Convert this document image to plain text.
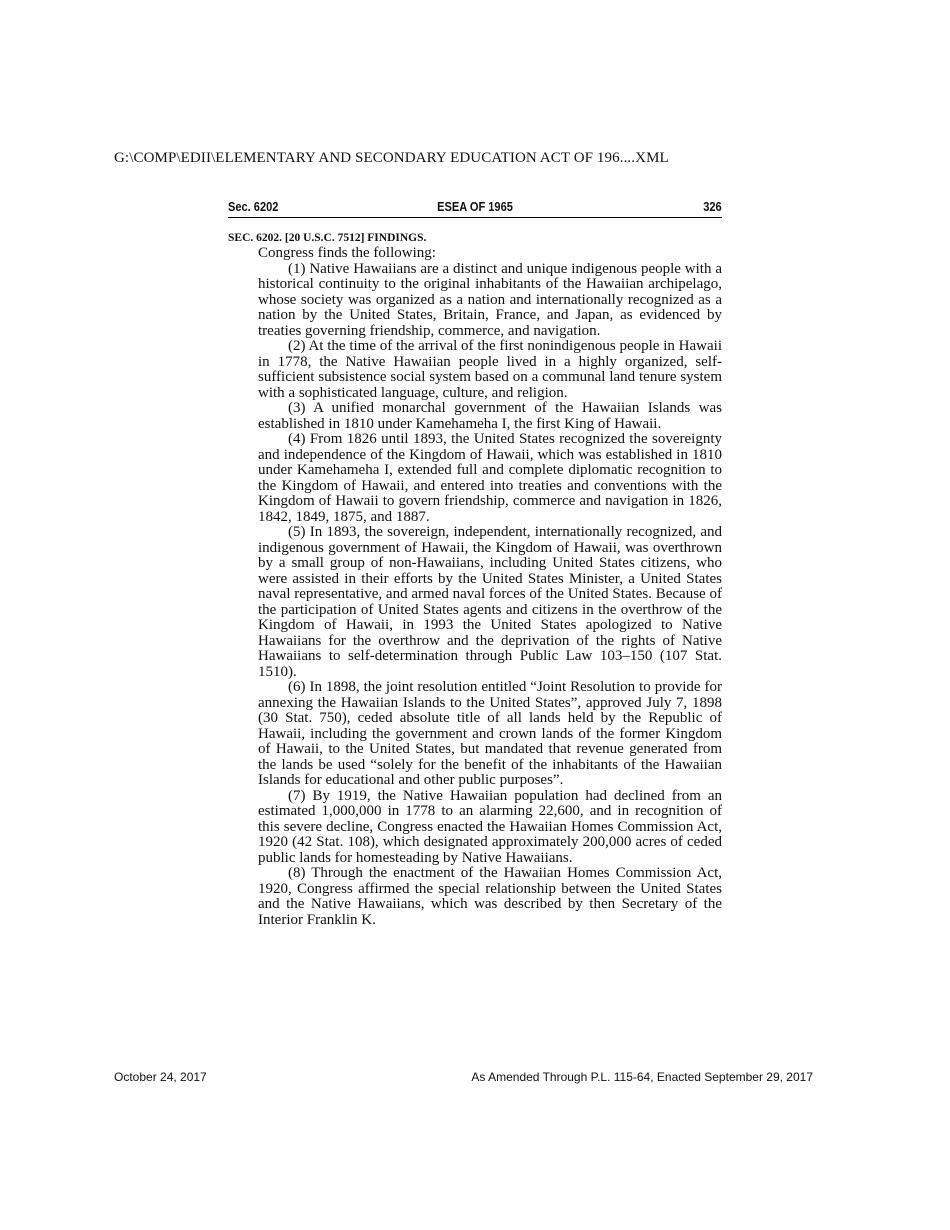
G:\COMP\EDII\ELEMENTARY AND SECONDARY EDUCATION ACT OF 196....XML
Sec. 6202	ESEA OF 1965	326

SEC. 6202. [20 U.S.C. 7512] FINDINGS.

Congress finds the following:

(1) Native Hawaiians are a distinct and unique indigenous people with a historical continuity to the original inhabitants of the Hawaiian archipelago, whose society was organized as a nation and internationally recognized as a nation by the United States, Britain, France, and Japan, as evidenced by treaties governing friendship, commerce, and navigation.

(2) At the time of the arrival of the first nonindigenous people in Hawaii in 1778, the Native Hawaiian people lived in a highly organized, self-sufficient subsistence social system based on a communal land tenure system with a sophisticated language, culture, and religion.

(3) A unified monarchal government of the Hawaiian Islands was established in 1810 under Kamehameha I, the first King of Hawaii.

(4) From 1826 until 1893, the United States recognized the sovereignty and independence of the Kingdom of Hawaii, which was established in 1810 under Kamehameha I, extended full and complete diplomatic recognition to the Kingdom of Hawaii, and entered into treaties and conventions with the Kingdom of Hawaii to govern friendship, commerce and navigation in 1826, 1842, 1849, 1875, and 1887.

(5) In 1893, the sovereign, independent, internationally recognized, and indigenous government of Hawaii, the Kingdom of Hawaii, was overthrown by a small group of non-Hawaiians, including United States citizens, who were assisted in their efforts by the United States Minister, a United States naval representative, and armed naval forces of the United States. Because of the participation of United States agents and citizens in the overthrow of the Kingdom of Hawaii, in 1993 the United States apologized to Native Hawaiians for the overthrow and the deprivation of the rights of Native Hawaiians to self-determination through Public Law 103–150 (107 Stat. 1510).

(6) In 1898, the joint resolution entitled “Joint Resolution to provide for annexing the Hawaiian Islands to the United States”, approved July 7, 1898 (30 Stat. 750), ceded absolute title of all lands held by the Republic of Hawaii, including the government and crown lands of the former Kingdom of Hawaii, to the United States, but mandated that revenue generated from the lands be used “solely for the benefit of the inhabitants of the Hawaiian Islands for educational and other public purposes”.

(7) By 1919, the Native Hawaiian population had declined from an estimated 1,000,000 in 1778 to an alarming 22,600, and in recognition of this severe decline, Congress enacted the Hawaiian Homes Commission Act, 1920 (42 Stat. 108), which designated approximately 200,000 acres of ceded public lands for homesteading by Native Hawaiians.

(8) Through the enactment of the Hawaiian Homes Commission Act, 1920, Congress affirmed the special relationship between the United States and the Native Hawaiians, which was described by then Secretary of the Interior Franklin K.

October 24, 2017	As Amended Through P.L. 115-64, Enacted September 29, 2017
